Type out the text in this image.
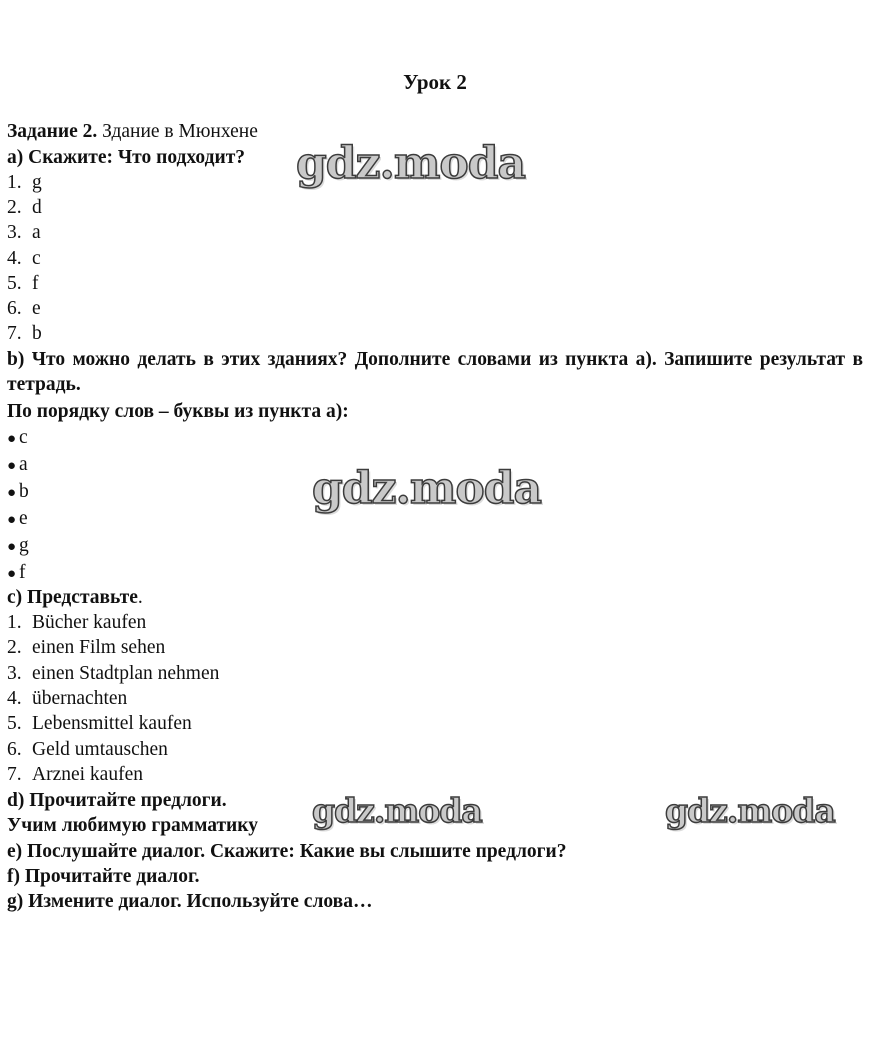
Урок 2
Задание 2. Здание в Мюнхене
а) Скажите: Что подходит?
1. g
2. d
3. a
4. c
5. f
6. e
7. b
b) Что можно делать в этих зданиях? Дополните словами из пункта а). Запишите результат в тетрадь.
По порядку слов – буквы из пункта а):
● c
● a
● b
● e
● g
● f
с) Представьте.
1. Bücher kaufen
2. einen Film sehen
3. einen Stadtplan nehmen
4. übernachten
5. Lebensmittel kaufen
6. Geld umtauschen
7. Arznei kaufen
d) Прочитайте предлоги.
Учим любимую грамматику
е) Послушайте диалог. Скажите: Какие вы слышите предлоги?
f) Прочитайте диалог.
g) Измените диалог. Используйте слова…
gdz.moda
gdz.moda
gdz.moda	gdz.moda
